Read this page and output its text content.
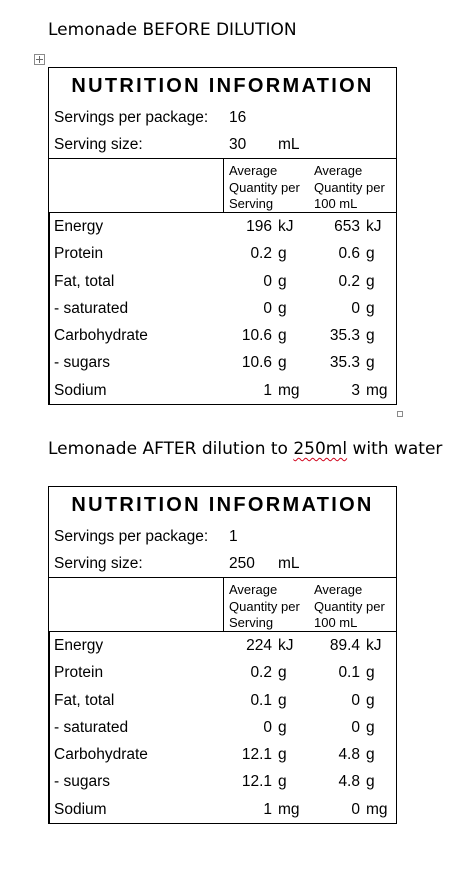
Lemonade BEFORE DILUTION
NUTRITION INFORMATION
Servings per package: 16
Serving size:	30 mL
Average Quantity per Serving
Average Quantity per 100 mL
Energy	196 kJ	653 kJ
Protein	0.2 g	0.6 g
Fat, total	0 g	0.2 g
- saturated	0 g	0 g
Carbohydrate	10.6 g	35.3 g
- sugars	10.6 g	35.3 g
Sodium	1 mg	3 mg
Lemonade AFTER dilution to 250ml with water
NUTRITION INFORMATION
Servings per package: 1
Serving size:	250 mL
Average Quantity per Serving
Average Quantity per 100 mL
Energy	224 kJ 89.4 kJ
Protein	0.2 g	0.1 g
Fat, total	0.1 g	0 g
- saturated	0 g	0 g
Carbohydrate	12.1 g	4.8 g
- sugars	12.1 g	4.8 g
Sodium	1 mg	0 mg
